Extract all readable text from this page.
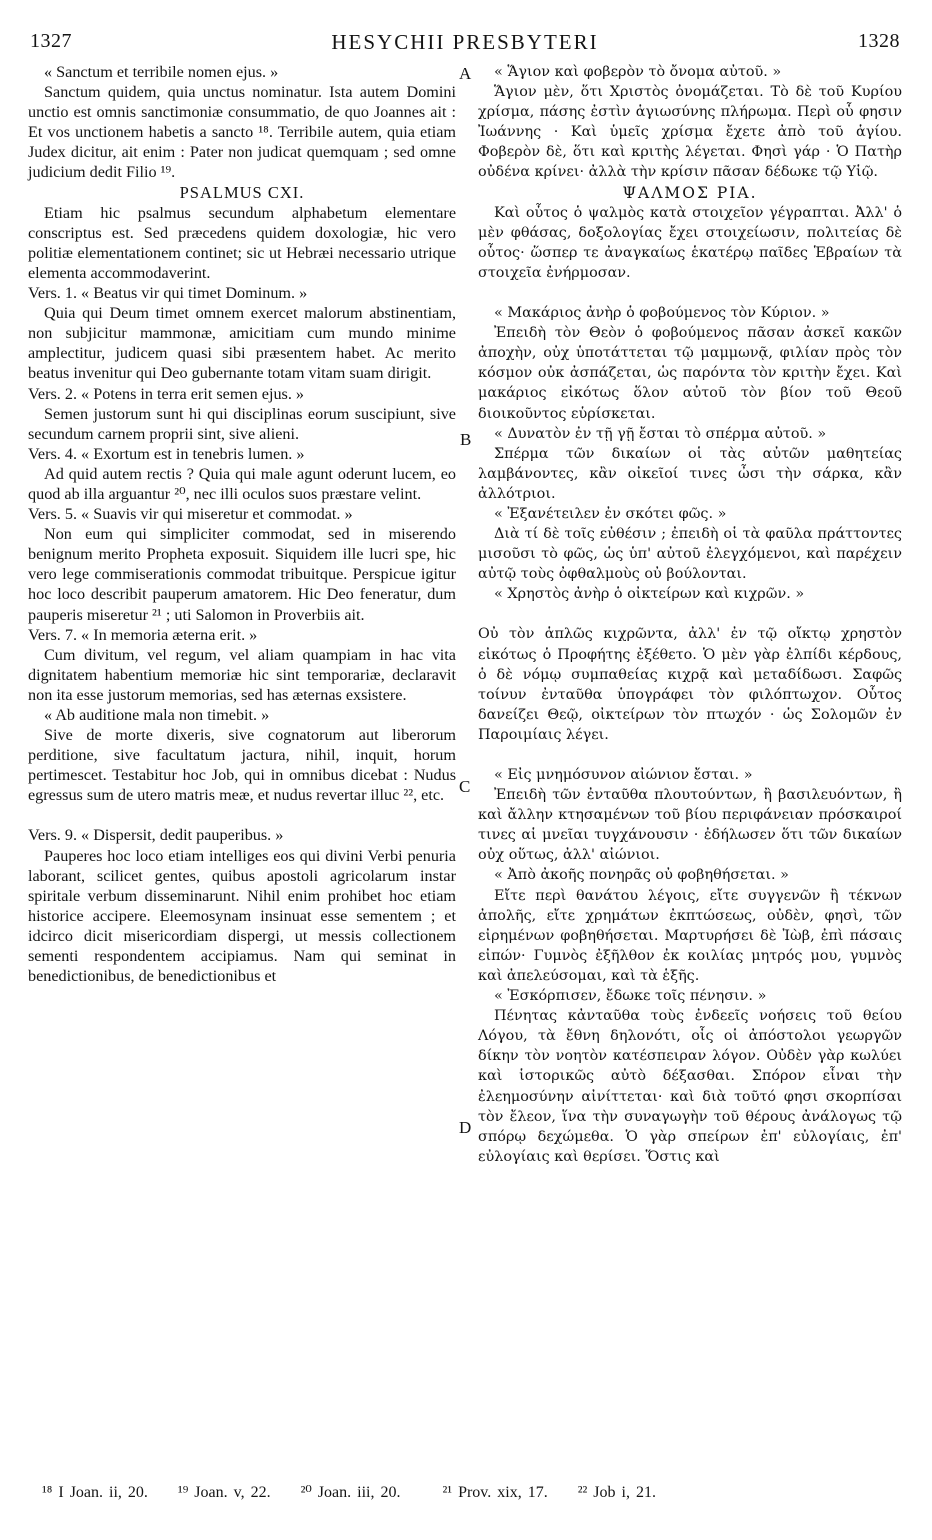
1327	HESYCHII PRESBYTERI	1328
A
B
C
D

« Sanctum et terribile nomen ejus. »

Sanctum quidem, quia unctus nominatur. Ista autem Domini unctio est omnis sanctimoniæ consummatio, de quo Joannes ait : Et vos unctionem habetis a sancto ¹⁸. Terribile autem, quia etiam Judex dicitur, ait enim : Pater non judicat quemquam ; sed omne judicium dedit Filio ¹⁹.

PSALMUS CXI.

Etiam hic psalmus secundum alphabetum elementare conscriptus est. Sed præcedens quidem doxologiæ, hic vero politiæ elementationem continet; sic ut Hebræi necessario utrique elementa accommodaverint.

Vers. 1. « Beatus vir qui timet Dominum. »

Quia qui Deum timet omnem exercet malorum abstinentiam, non subjicitur mammonæ, amicitiam cum mundo minime amplectitur, judicem quasi sibi præsentem habet. Ac merito beatus invenitur qui Deo gubernante totam vitam suam dirigit.

Vers. 2. « Potens in terra erit semen ejus. »

Semen justorum sunt hi qui disciplinas eorum suscipiunt, sive secundum carnem proprii sint, sive alieni.

Vers. 4. « Exortum est in tenebris lumen. »

Ad quid autem rectis ? Quia qui male agunt oderunt lucem, eo quod ab illa arguantur ²⁰, nec illi oculos suos præstare velint.

Vers. 5. « Suavis vir qui miseretur et commodat. »

Non eum qui simpliciter commodat, sed in miserendo benignum merito Propheta exposuit. Siquidem ille lucri spe, hic vero lege commiserationis commodat tribuitque. Perspicue igitur hoc loco describit pauperum amatorem. Hic Deo feneratur, dum pauperis miseretur ²¹ ; uti Salomon in Proverbiis ait.

Vers. 7. « In memoria æterna erit. »

Cum divitum, vel regum, vel aliam quampiam in hac vita dignitatem habentium memoriæ hic sint temporariæ, declaravit non ita esse justorum memorias, sed has æternas exsistere.

« Ab auditione mala non timebit. »

Sive de morte dixeris, sive cognatorum aut liberorum perditione, sive facultatum jactura, nihil, inquit, horum pertimescet. Testabitur hoc Job, qui in omnibus dicebat : Nudus egressus sum de utero matris meæ, et nudus revertar illuc ²², etc.

Vers. 9. « Dispersit, dedit pauperibus. »

Pauperes hoc loco etiam intelliges eos qui divini Verbi penuria laborant, scilicet gentes, quibus apostoli agricolarum instar spiritale verbum disseminarunt. Nihil enim prohibet hoc etiam historice accipere. Eleemosynam insinuat esse sementem ; et idcirco dicit misericordiam dispergi, ut messis collectionem sementi respondentem accipiamus. Nam qui seminat in benedictionibus, de benedictionibus et

« Ἅγιον καὶ φοβερὸν τὸ ὄνομα αὐτοῦ. »

Ἅγιον μὲν, ὅτι Χριστὸς ὀνομάζεται. Τὸ δὲ τοῦ Κυρίου χρίσμα, πάσης ἐστὶν ἁγιωσύνης πλήρωμα. Περὶ οὗ φησιν Ἰωάννης · Καὶ ὑμεῖς χρίσμα ἔχετε ἀπὸ τοῦ ἁγίου. Φοβερὸν δὲ, ὅτι καὶ κριτὴς λέγεται. Φησὶ γάρ · Ὁ Πατὴρ οὐδένα κρίνει· ἀλλὰ τὴν κρίσιν πᾶσαν δέδωκε τῷ Υἱῷ.

ΨΑΛΜΟΣ ΡΙΑ.

Καὶ οὗτος ὁ ψαλμὸς κατὰ στοιχεῖον γέγραπται. Ἀλλ' ὁ μὲν φθάσας, δοξολογίας ἔχει στοιχείωσιν, πολιτείας δὲ οὗτος· ὥσπερ τε ἀναγκαίως ἑκατέρῳ παῖδες Ἑβραίων τὰ στοιχεῖα ἐνήρμοσαν.

« Μακάριος ἀνὴρ ὁ φοβούμενος τὸν Κύριον. »

Ἐπειδὴ τὸν Θεὸν ὁ φοβούμενος πᾶσαν ἀσκεῖ κακῶν ἀποχὴν, οὐχ ὑποτάττεται τῷ μαμμωνᾷ, φιλίαν πρὸς τὸν κόσμον οὐκ ἀσπάζεται, ὡς παρόντα τὸν κριτὴν ἔχει. Καὶ μακάριος εἰκότως ὅλον αὐτοῦ τὸν βίον τοῦ Θεοῦ διοικοῦντος εὑρίσκεται.

« Δυνατὸν ἐν τῇ γῇ ἔσται τὸ σπέρμα αὐτοῦ. »

Σπέρμα τῶν δικαίων οἱ τὰς αὐτῶν μαθητείας λαμβάνοντες, κἂν οἰκεῖοί τινες ὦσι τὴν σάρκα, κἂν ἀλλότριοι.

« Ἐξανέτειλεν ἐν σκότει φῶς. »

Διὰ τί δὲ τοῖς εὐθέσιν ; ἐπειδὴ οἱ τὰ φαῦλα πράττοντες μισοῦσι τὸ φῶς, ὡς ὑπ' αὐτοῦ ἐλεγχόμενοι, καὶ παρέχειν αὐτῷ τοὺς ὀφθαλμοὺς οὐ βούλονται.

« Χρηστὸς ἀνὴρ ὁ οἰκτείρων καὶ κιχρῶν. »

Οὐ τὸν ἁπλῶς κιχρῶντα, ἀλλ' ἐν τῷ οἴκτῳ χρηστὸν εἰκότως ὁ Προφήτης ἐξέθετο. Ὁ μὲν γὰρ ἐλπίδι κέρδους, ὁ δὲ νόμῳ συμπαθείας κιχρᾷ καὶ μεταδίδωσι. Σαφῶς τοίνυν ἐνταῦθα ὑπογράφει τὸν φιλόπτωχον. Οὗτος δανείζει Θεῷ, οἰκτείρων τὸν πτωχόν · ὡς Σολομῶν ἐν Παροιμίαις λέγει.

« Εἰς μνημόσυνον αἰώνιον ἔσται. »

Ἐπειδὴ τῶν ἐνταῦθα πλουτούντων, ἢ βασιλευόντων, ἢ καὶ ἄλλην κτησαμένων τοῦ βίου περιφάνειαν πρόσκαιροί τινες αἱ μνεῖαι τυγχάνουσιν · ἐδήλωσεν ὅτι τῶν δικαίων οὐχ οὕτως, ἀλλ' αἰώνιοι.

« Ἀπὸ ἀκοῆς πονηρᾶς οὐ φοβηθήσεται. »

Εἴτε περὶ θανάτου λέγοις, εἴτε συγγενῶν ἢ τέκνων ἀπολῆς, εἴτε χρημάτων ἐκπτώσεως, οὐδὲν, φησὶ, τῶν εἰρημένων φοβηθήσεται. Μαρτυρήσει δὲ Ἰὼβ, ἐπὶ πάσαις εἰπών· Γυμνὸς ἐξῆλθον ἐκ κοιλίας μητρός μου, γυμνὸς καὶ ἀπελεύσομαι, καὶ τὰ ἑξῆς.

« Ἐσκόρπισεν, ἔδωκε τοῖς πένησιν. »

Πένητας κἀνταῦθα τοὺς ἐνδεεῖς νοήσεις τοῦ θείου Λόγου, τὰ ἔθνη δηλονότι, οἷς οἱ ἀπόστολοι γεωργῶν δίκην τὸν νοητὸν κατέσπειραν λόγον. Οὐδὲν γὰρ κωλύει καὶ ἱστορικῶς αὐτὸ δέξασθαι. Σπόρον εἶναι τὴν ἐλεημοσύνην αἰνίττεται· καὶ διὰ τοῦτό φησι σκορπίσαι τὸν ἔλεον, ἵνα τὴν συναγωγὴν τοῦ θέρους ἀνάλογως τῷ σπόρῳ δεχώμεθα. Ὁ γὰρ σπείρων ἐπ' εὐλογίαις, ἐπ' εὐλογίαις καὶ θερίσει. Ὅστις καὶ

¹⁸ I Joan. ii, 20. ¹⁹ Joan. v, 22. ²⁰ Joan. iii, 20.	²¹ Prov. xix, 17. ²² Job i, 21.
